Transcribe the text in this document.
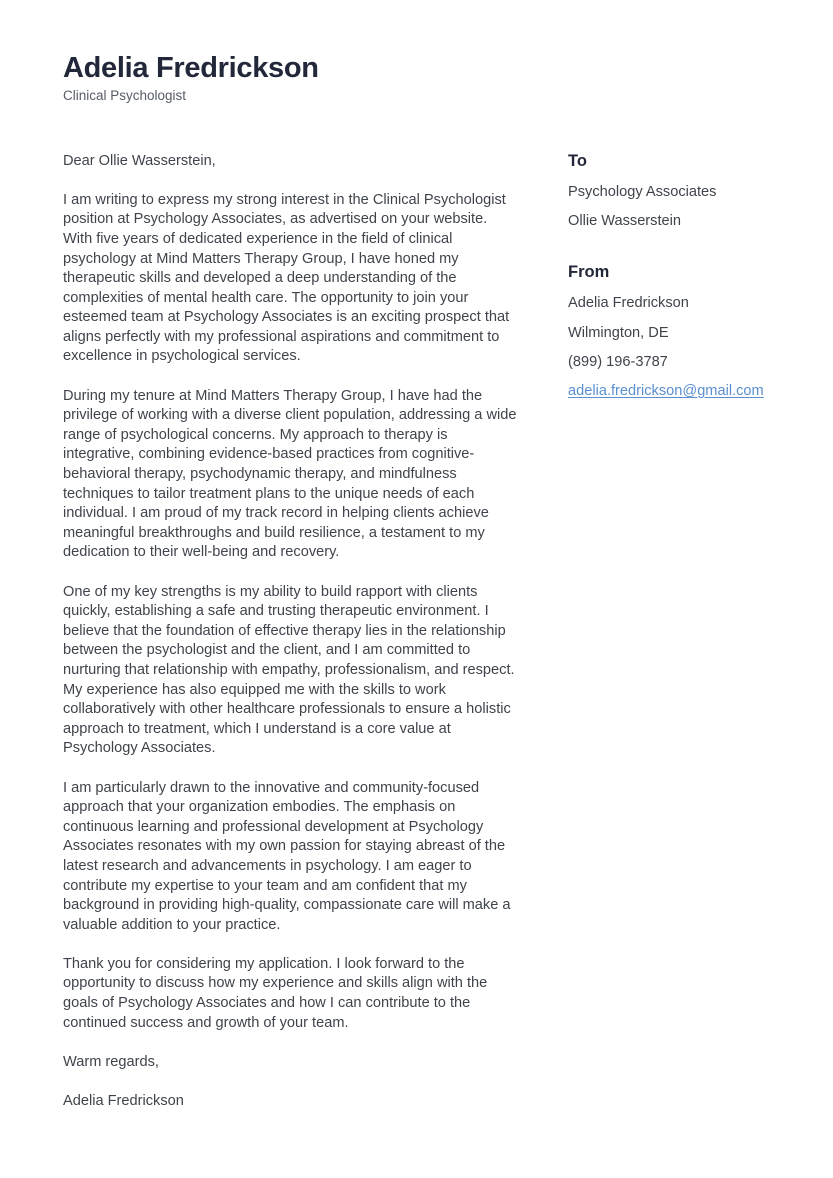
Adelia Fredrickson
Clinical Psychologist

Dear Ollie Wasserstein,

I am writing to express my strong interest in the Clinical Psychologist position at Psychology Associates, as advertised on your website. With five years of dedicated experience in the field of clinical psychology at Mind Matters Therapy Group, I have honed my therapeutic skills and developed a deep understanding of the complexities of mental health care. The opportunity to join your esteemed team at Psychology Associates is an exciting prospect that aligns perfectly with my professional aspirations and commitment to excellence in psychological services.

During my tenure at Mind Matters Therapy Group, I have had the privilege of working with a diverse client population, addressing a wide range of psychological concerns. My approach to therapy is integrative, combining evidence-based practices from cognitive-behavioral therapy, psychodynamic therapy, and mindfulness techniques to tailor treatment plans to the unique needs of each individual. I am proud of my track record in helping clients achieve meaningful breakthroughs and build resilience, a testament to my dedication to their well-being and recovery.

One of my key strengths is my ability to build rapport with clients quickly, establishing a safe and trusting therapeutic environment. I believe that the foundation of effective therapy lies in the relationship between the psychologist and the client, and I am committed to nurturing that relationship with empathy, professionalism, and respect. My experience has also equipped me with the skills to work collaboratively with other healthcare professionals to ensure a holistic approach to treatment, which I understand is a core value at Psychology Associates.

I am particularly drawn to the innovative and community-focused approach that your organization embodies. The emphasis on continuous learning and professional development at Psychology Associates resonates with my own passion for staying abreast of the latest research and advancements in psychology. I am eager to contribute my expertise to your team and am confident that my background in providing high-quality, compassionate care will make a valuable addition to your practice.

Thank you for considering my application. I look forward to the opportunity to discuss how my experience and skills align with the goals of Psychology Associates and how I can contribute to the continued success and growth of your team.

Warm regards,

Adelia Fredrickson

To
Psychology Associates
Ollie Wasserstein
From
Adelia Fredrickson
Wilmington, DE
(899) 196-3787
adelia.fredrickson@gmail.com
